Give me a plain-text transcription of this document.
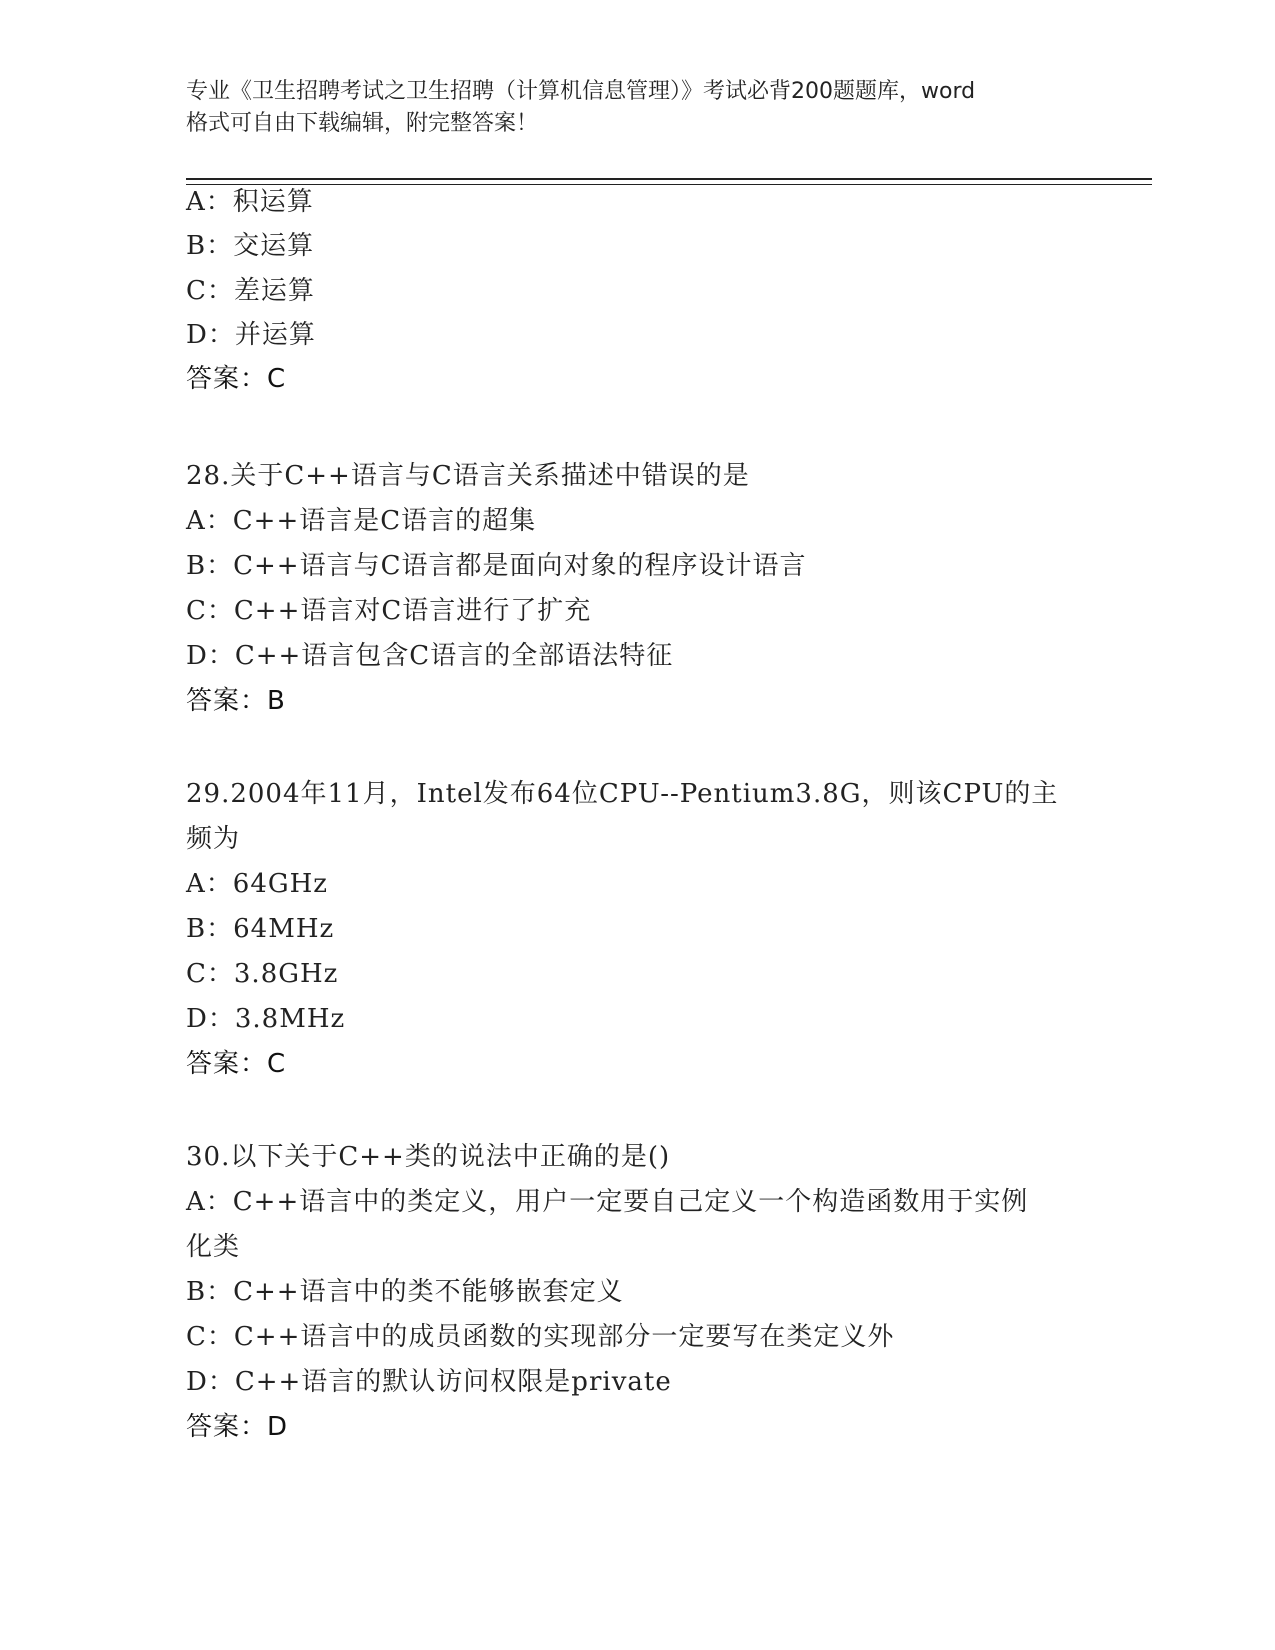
专业《卫生招聘考试之卫生招聘（计算机信息管理）》考试必背200题题库，word
格式可自由下载编辑，附完整答案！
A：积运算
B：交运算
C：差运算
D：并运算
答案：C
28.关于C++语言与C语言关系描述中错误的是
A：C++语言是C语言的超集
B：C++语言与C语言都是面向对象的程序设计语言
C：C++语言对C语言进行了扩充
D：C++语言包含C语言的全部语法特征
答案：B
29.2004年11月，Intel发布64位CPU--Pentium3.8G，则该CPU的主
频为
A：64GHz
B：64MHz
C：3.8GHz
D：3.8MHz
答案：C
30.以下关于C++类的说法中正确的是()
A：C++语言中的类定义，用户一定要自己定义一个构造函数用于实例
化类
B：C++语言中的类不能够嵌套定义
C：C++语言中的成员函数的实现部分一定要写在类定义外
D：C++语言的默认访问权限是private
答案：D
